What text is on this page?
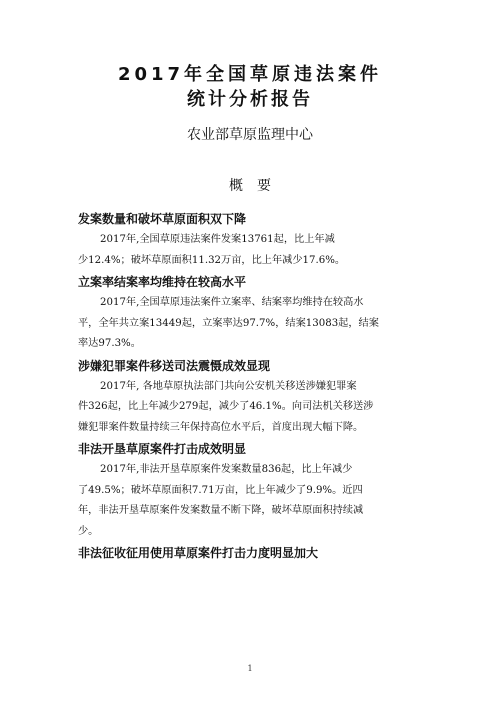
2017年全国草原违法案件
统计分析报告
农业部草原监理中心
概要
发案数量和破坏草原面积双下降
2017年,全国草原违法案件发案13761起，比上年减
少12.4%；破坏草原面积11.32万亩，比上年减少17.6%。
立案率结案率均维持在较高水平
2017年,全国草原违法案件立案率、结案率均维持在较高水
平，全年共立案13449起，立案率达97.7%，结案13083起，结案
率达97.3%。
涉嫌犯罪案件移送司法震慑成效显现
2017年, 各地草原执法部门共向公安机关移送涉嫌犯罪案
件326起，比上年减少279起，减少了46.1%。向司法机关移送涉
嫌犯罪案件数量持续三年保持高位水平后，首度出现大幅下降。
非法开垦草原案件打击成效明显
2017年,非法开垦草原案件发案数量836起，比上年减少
了49.5%；破坏草原面积7.71万亩，比上年减少了9.9%。近四
年，非法开垦草原案件发案数量不断下降，破坏草原面积持续减
少。
非法征收征用使用草原案件打击力度明显加大
1
